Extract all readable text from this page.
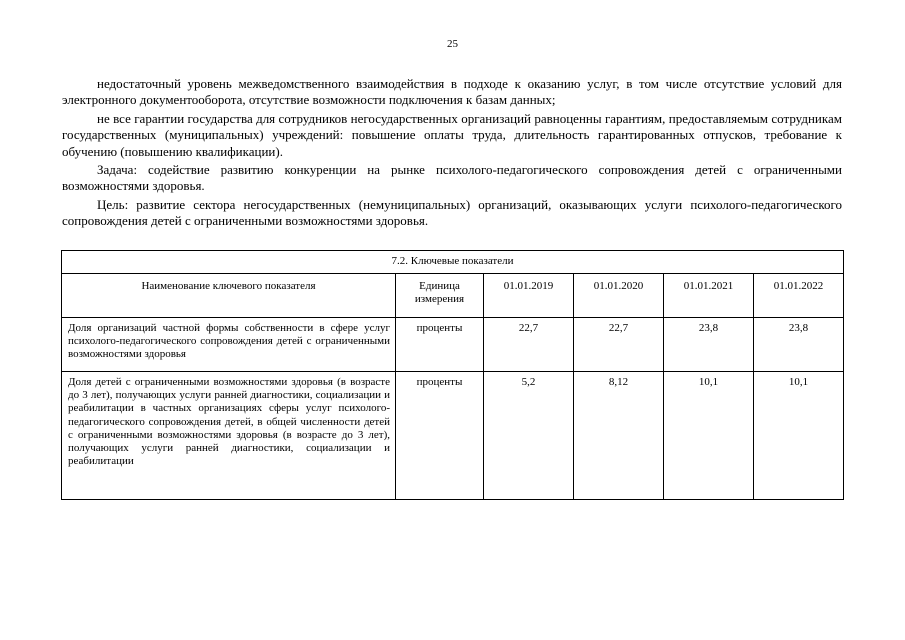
25

недостаточный уровень межведомственного взаимодействия в подходе к оказанию услуг, в том числе отсутствие условий для электронного документооборота, отсутствие возможности подключения к базам данных;

не все гарантии государства для сотрудников негосударственных организаций равноценны гарантиям, предоставляемым сотрудникам государственных (муниципальных) учреждений: повышение оплаты труда, длительность гарантированных отпусков, требование к обучению (повышению квалификации).

Задача: содействие развитию конкуренции на рынке психолого-педагогического сопровождения детей с ограниченными возможностями здоровья.

Цель: развитие сектора негосударственных (немуниципальных) организаций, оказывающих услуги психолого-педагогического сопровождения детей с ограниченными возможностями здоровья.

7.2. Ключевые показатели					
Наименование ключевого показателя	Единица измерения	01.01.2019	01.01.2020	01.01.2021	01.01.2022
Доля организаций частной формы собственности в сфере услуг психолого-педагогического сопровождения детей с ограниченными возможностями здоровья	проценты	22,7	22,7	23,8	23,8
Доля детей с ограниченными возможностями здоровья (в возрасте до 3 лет), получающих услуги ранней диагностики, социализации и реабилитации в частных организациях сферы услуг психолого-педагогического сопровождения детей, в общей численности детей с ограниченными возможностями здоровья (в возрасте до 3 лет), получающих услуги ранней диагностики, социализации и реабилитации	проценты	5,2	8,12	10,1	10,1
